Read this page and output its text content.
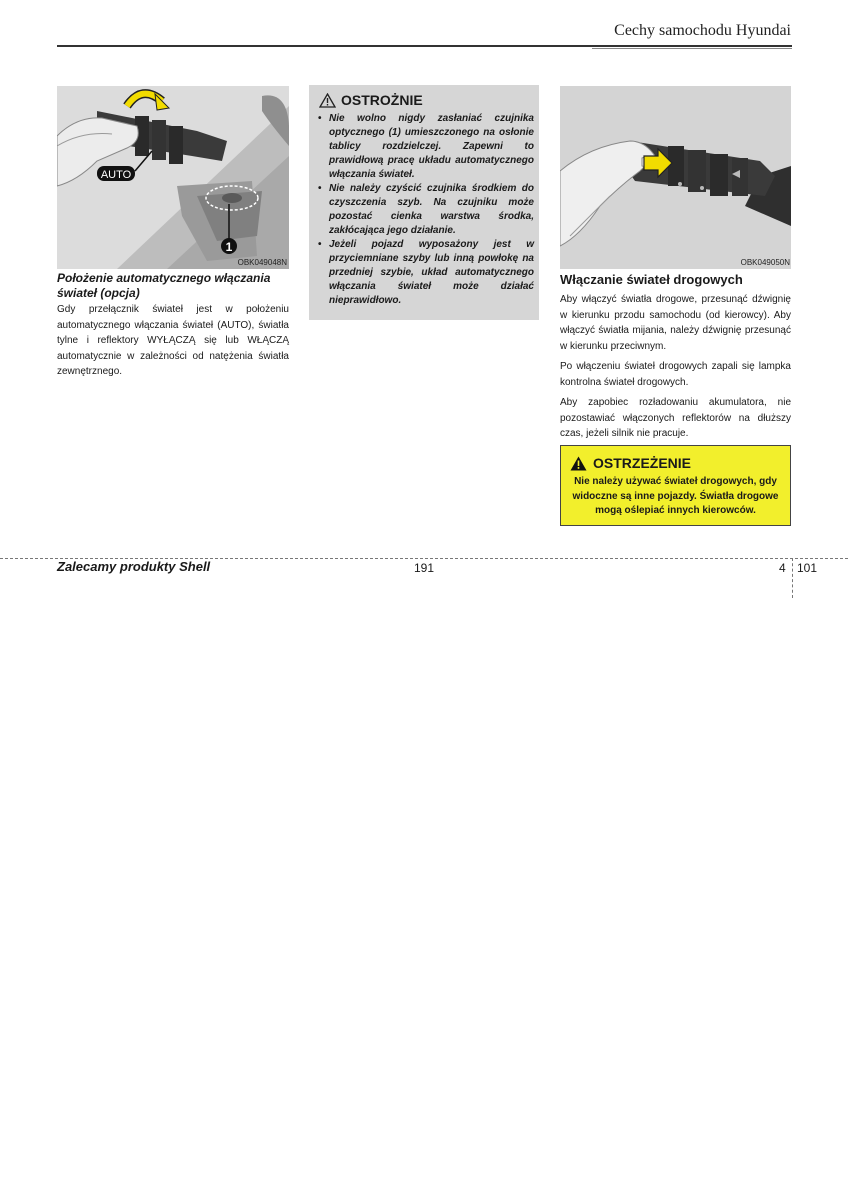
Cechy samochodu Hyundai
AUTO
1
OBK049048N
Położenie automatycznego włączania świateł (opcja)

Gdy przełącznik świateł jest w położeniu automatycznego włączania świateł (AUTO), światła tylne i reflektory WYŁĄCZĄ się lub WŁĄCZĄ automatycznie w zależności od natężenia światła zewnętrznego.

OSTROŻNIE
• Nie wolno nigdy zasłaniać czujnika optycznego (1) umieszczonego na osłonie tablicy rozdzielczej. Zapewni to prawidłową pracę układu automatycznego włączania świateł.
• Nie należy czyścić czujnika środkiem do czyszczenia szyb. Na czujniku może pozostać cienka warstwa środka, zakłócająca jego działanie.
• Jeżeli pojazd wyposażony jest w przyciemniane szyby lub inną powłokę na przedniej szybie, układ automatycznego włączania świateł może działać nieprawidłowo.
OBK049050N
Włączanie świateł drogowych

Aby włączyć światła drogowe, przesunąć dźwignię w kierunku przodu samochodu (od kierowcy). Aby włączyć światła mijania, należy dźwignię przesunąć w kierunku przeciwnym.

Po włączeniu świateł drogowych zapali się lampka kontrolna świateł drogowych.

Aby zapobiec rozładowaniu akumulatora, nie pozostawiać włączonych reflektorów na dłuższy czas, jeżeli silnik nie pracuje.

OSTRZEŻENIE
Nie należy używać świateł drogowych, gdy widoczne są inne pojazdy. Światła drogowe mogą oślepiać innych kierowców.
Zalecamy produkty Shell	191	4 101
